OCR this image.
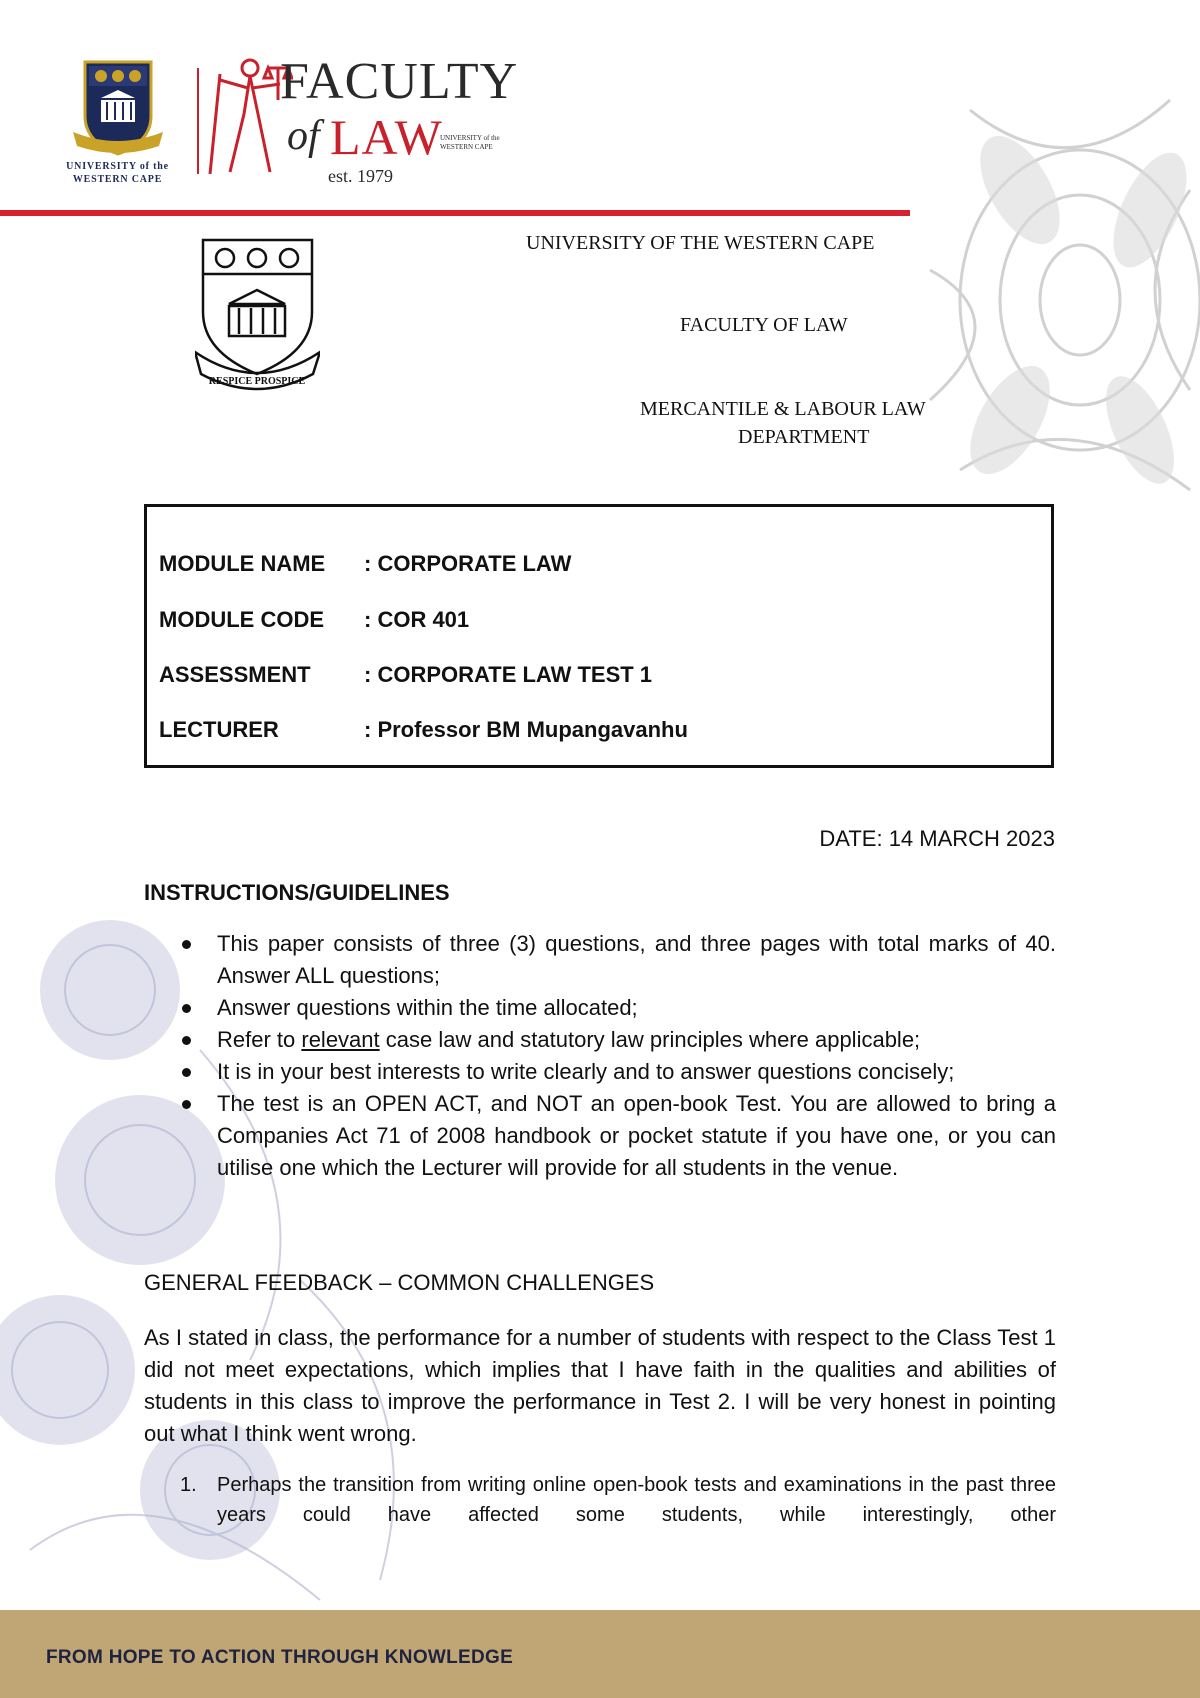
UNIVERSITY of the
WESTERN CAPE
FACULTY
of LAW
UNIVERSITY of the
WESTERN CAPE
est. 1979
RESPICE PROSPICE
UNIVERSITY OF THE WESTERN CAPE
FACULTY OF LAW
MERCANTILE & LABOUR LAW
DEPARTMENT
MODULE NAME : CORPORATE LAW
MODULE CODE : COR 401
ASSESSMENT : CORPORATE LAW TEST 1
LECTURER	: Professor BM Mupangavanhu
DATE: 14 MARCH 2023
INSTRUCTIONS/GUIDELINES
This paper consists of three (3) questions, and three pages with total marks of 40. Answer ALL questions;
Answer questions within the time allocated;
Refer to relevant case law and statutory law principles where applicable;
It is in your best interests to write clearly and to answer questions concisely;
The test is an OPEN ACT, and NOT an open-book Test. You are allowed to bring a Companies Act 71 of 2008 handbook or pocket statute if you have one, or you can utilise one which the Lecturer will provide for all students in the venue.
GENERAL FEEDBACK – COMMON CHALLENGES
As I stated in class, the performance for a number of students with respect to the Class Test 1 did not meet expectations, which implies that I have faith in the qualities and abilities of students in this class to improve the performance in Test 2. I will be very honest in pointing out what I think went wrong.
1.	Perhaps the transition from writing online open-book tests and examinations in the past three years could have affected some students, while interestingly, other
FROM HOPE TO ACTION THROUGH KNOWLEDGE
